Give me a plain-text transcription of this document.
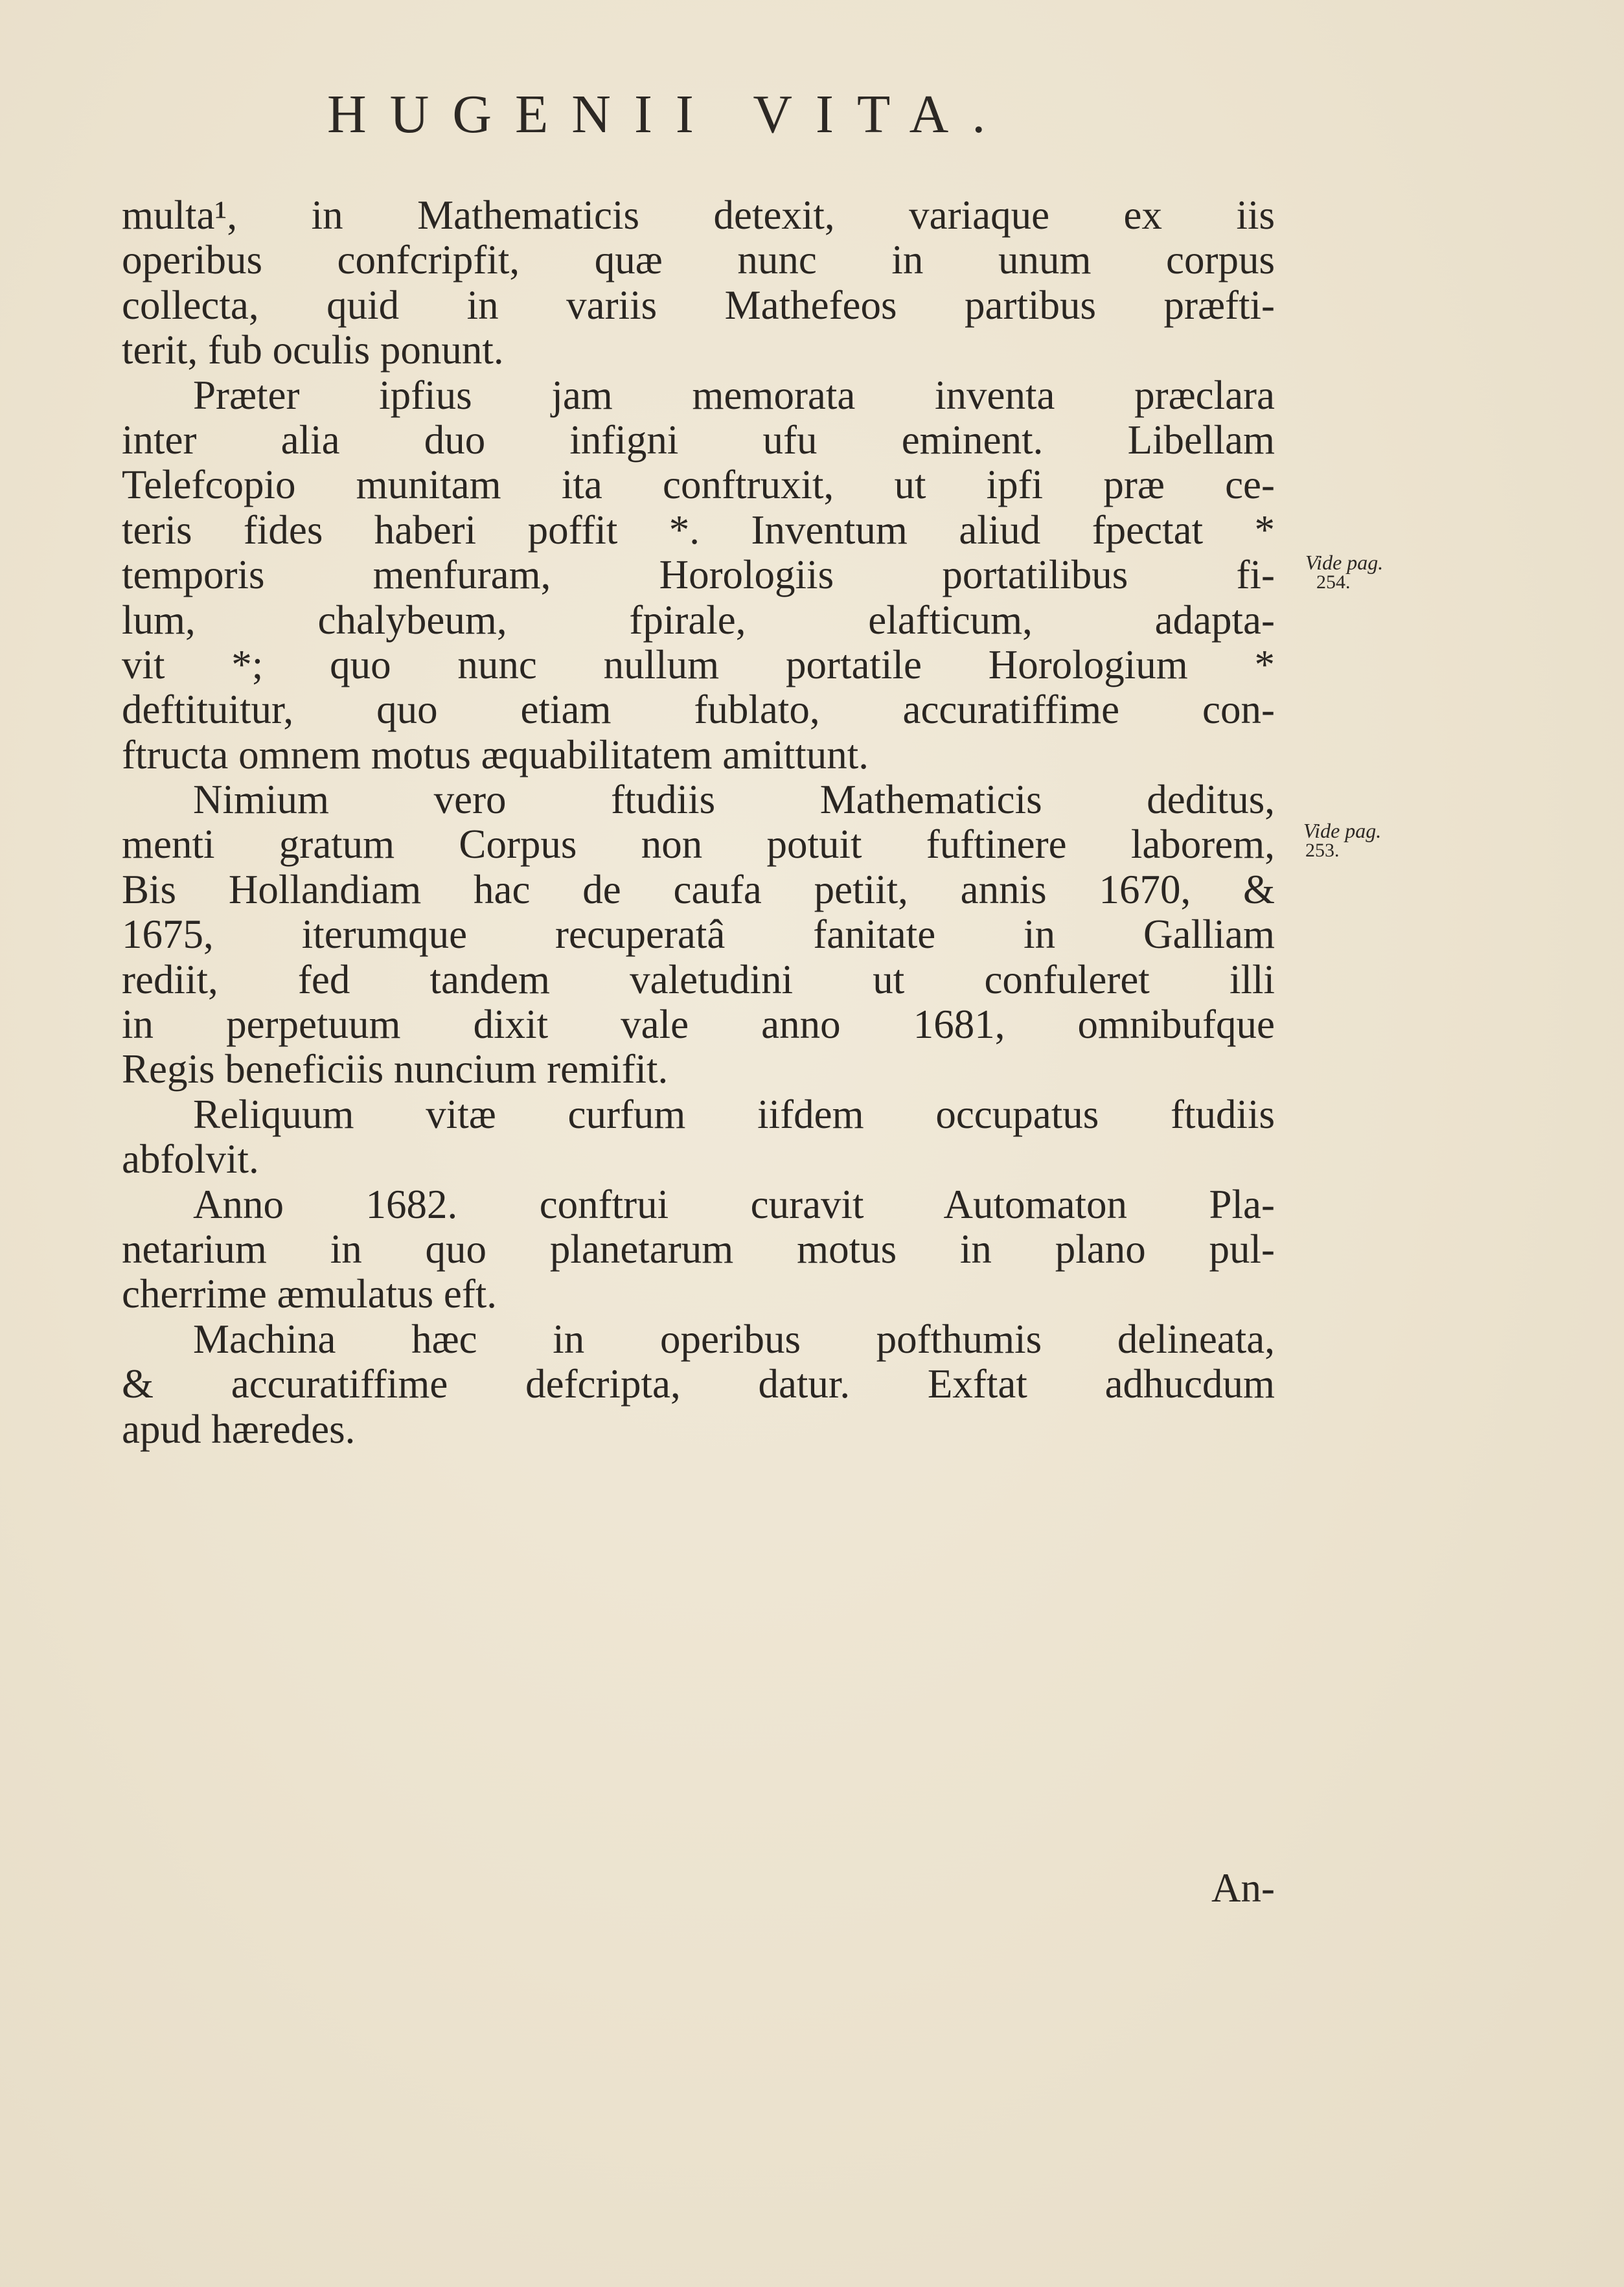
HUGENII VITA.
multa¹, in Mathematicis detexit, variaque ex iis
operibus confcripfit, quæ nunc in unum corpus
collecta, quid in variis Mathefeos partibus præfti-
terit, fub oculis ponunt.
Præter ipfius jam memorata inventa præclara
inter alia duo infigni ufu eminent. Libellam
Telefcopio munitam ita conftruxit, ut ipfi præ ce-
teris fides haberi poffit *. Inventum aliud fpectat *
temporis menfuram, Horologiis portatilibus fi-
lum, chalybeum, fpirale, elafticum, adapta-
vit *; quo nunc nullum portatile Horologium *
deftituitur, quo etiam fublato, accuratiffime con-
ftructa omnem motus æquabilitatem amittunt.
Nimium vero ftudiis Mathematicis deditus,
menti gratum Corpus non potuit fuftinere laborem,
Bis Hollandiam hac de caufa petiit, annis 1670, &
1675, iterumque recuperatâ fanitate in Galliam
rediit, fed tandem valetudini ut confuleret illi
in perpetuum dixit vale anno 1681, omnibufque
Regis beneficiis nuncium remifit.
Reliquum vitæ curfum iifdem occupatus ftudiis
abfolvit.
Anno 1682. conftrui curavit Automaton Pla-
netarium in quo planetarum motus in plano pul-
cherrime æmulatus eft.
Machina hæc in operibus pofthumis delineata,
& accuratiffime defcripta, datur. Exftat adhucdum
apud hæredes.
Vide pag.
254.
Vide pag.
253.
An-
